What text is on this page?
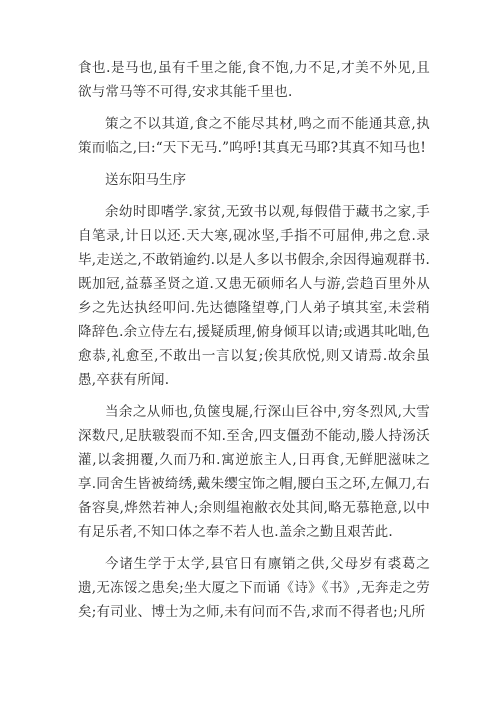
食也.是马也,虽有千里之能,食不饱,力不足,才美不外见,且欲与常马等不可得,安求其能千里也.

策之不以其道,食之不能尽其材,鸣之而不能通其意,执策而临之,曰:“天下无马.”呜呼!其真无马耶?其真不知马也!

送东阳马生序

余幼时即嗜学.家贫,无致书以观,每假借于藏书之家,手自笔录,计日以还.天大寒,砚冰坚,手指不可屈伸,弗之怠.录毕,走送之,不敢销逾约.以是人多以书假余,余因得遍观群书.既加冠,益慕圣贤之道.又患无硕师名人与游,尝趋百里外从乡之先达执经叩问.先达德隆望尊,门人弟子填其室,未尝稍降辞色.余立侍左右,援疑质理,俯身倾耳以请;或遇其叱咄,色愈恭,礼愈至,不敢出一言以复;俟其欣悦,则又请焉.故余虽愚,卒获有所闻.

当余之从师也,负箧曳屣,行深山巨谷中,穷冬烈风,大雪深数尺,足肤皲裂而不知.至舍,四支僵劲不能动,媵人持汤沃灌,以衾拥覆,久而乃和.寓逆旅主人,日再食,无鲜肥滋味之享.同舍生皆被绮绣,戴朱缨宝饰之帽,腰白玉之环,左佩刀,右备容臭,烨然若神人;余则缊袍敝衣处其间,略无慕艳意,以中有足乐者,不知口体之奉不若人也.盖余之勤且艰苦此.

今诸生学于太学,县官日有廪销之供,父母岁有裘葛之遗,无冻馁之患矣;坐大厦之下而诵《诗》《书》,无奔走之劳矣;有司业、博士为之师,未有问而不告,求而不得者也;凡所
